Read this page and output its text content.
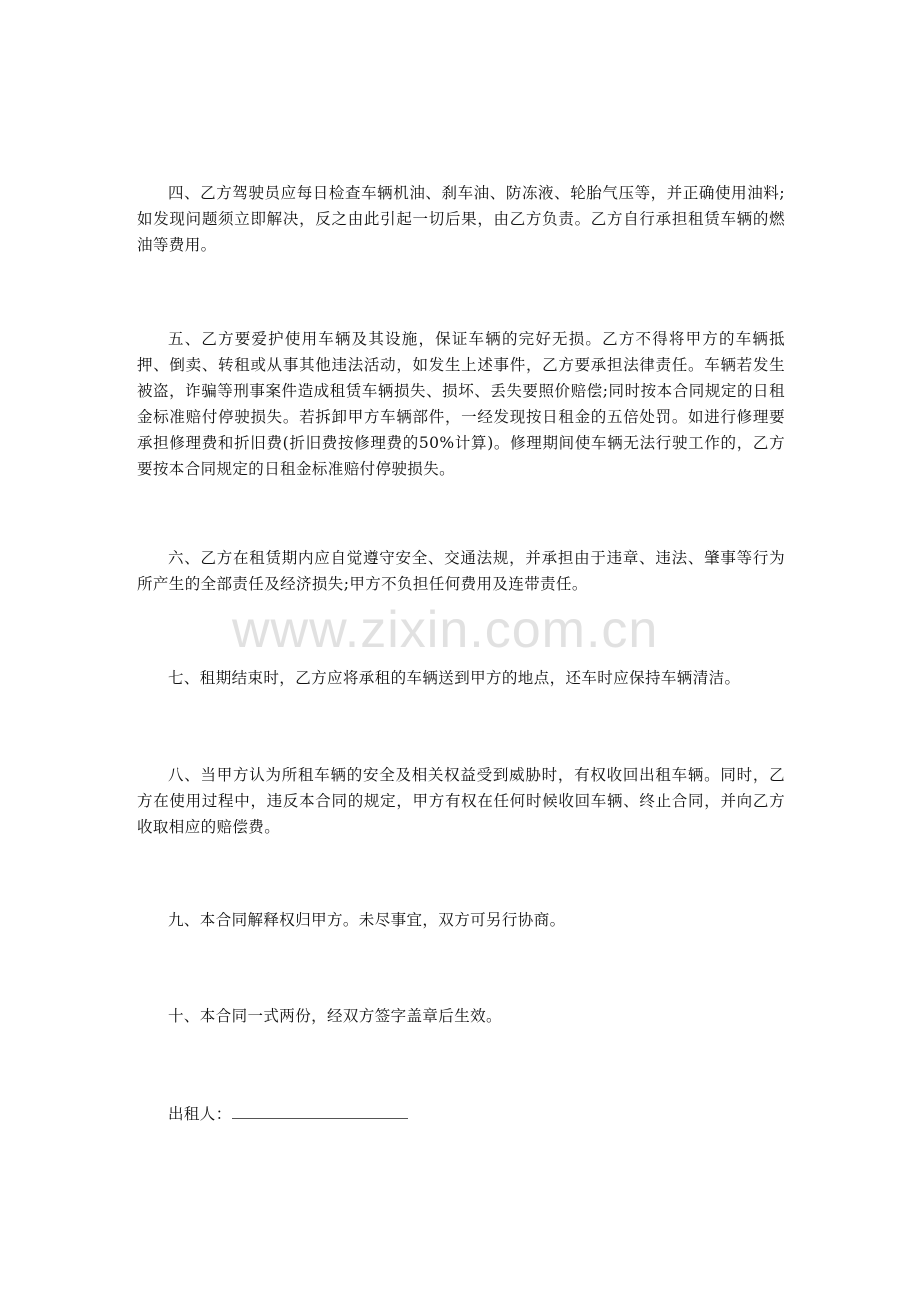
四、乙方驾驶员应每日检查车辆机油、刹车油、防冻液、轮胎气压等，并正确使用油料;如发现问题须立即解决，反之由此引起一切后果，由乙方负责。乙方自行承担租赁车辆的燃油等费用。

五、乙方要爱护使用车辆及其设施，保证车辆的完好无损。乙方不得将甲方的车辆抵押、倒卖、转租或从事其他违法活动，如发生上述事件，乙方要承担法律责任。车辆若发生被盗，诈骗等刑事案件造成租赁车辆损失、损坏、丢失要照价赔偿;同时按本合同规定的日租金标准赔付停驶损失。若拆卸甲方车辆部件，一经发现按日租金的五倍处罚。如进行修理要承担修理费和折旧费(折旧费按修理费的50%计算)。修理期间使车辆无法行驶工作的，乙方要按本合同规定的日租金标准赔付停驶损失。

六、乙方在租赁期内应自觉遵守安全、交通法规，并承担由于违章、违法、肇事等行为所产生的全部责任及经济损失;甲方不负担任何费用及连带责任。

www.zixin.com.cn

七、租期结束时，乙方应将承租的车辆送到甲方的地点，还车时应保持车辆清洁。

八、当甲方认为所租车辆的安全及相关权益受到威胁时，有权收回出租车辆。同时，乙方在使用过程中，违反本合同的规定，甲方有权在任何时候收回车辆、终止合同，并向乙方收取相应的赔偿费。

九、本合同解释权归甲方。未尽事宜，双方可另行协商。

十、本合同一式两份，经双方签字盖章后生效。

出租人：
